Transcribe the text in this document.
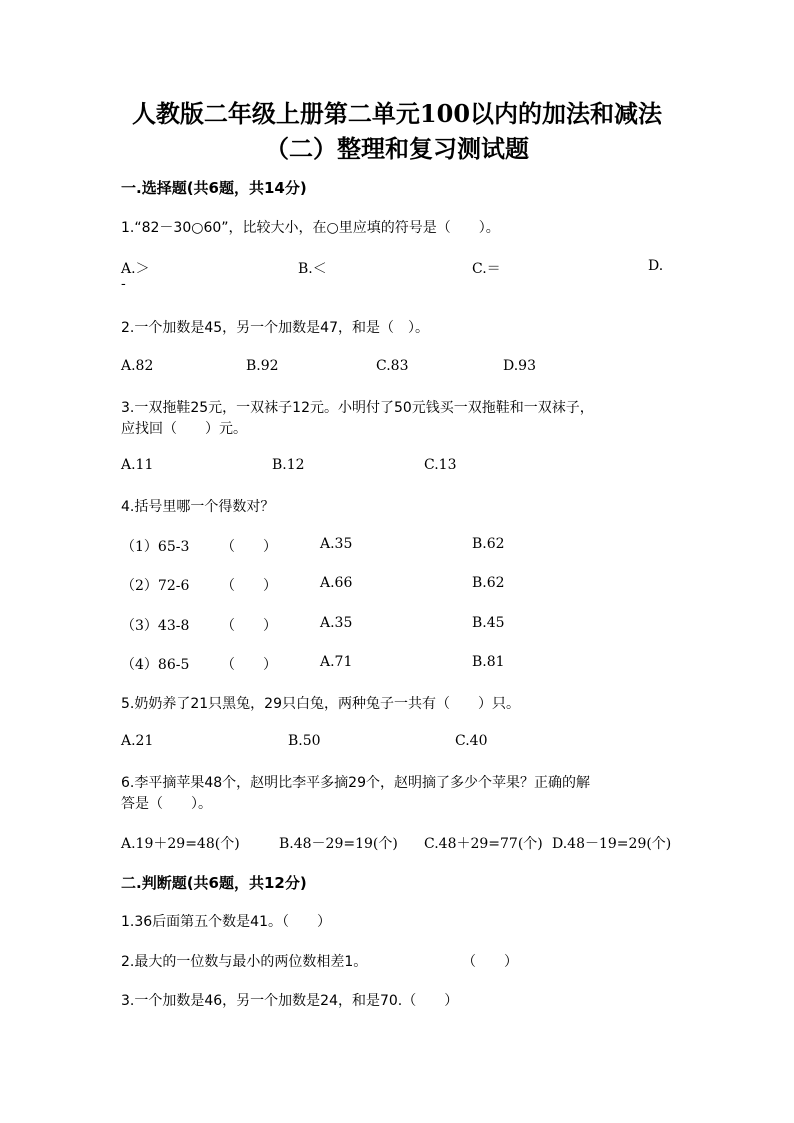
人教版二年级上册第二单元100以内的加法和减法
（二）整理和复习测试题
一.选择题(共6题，共14分)
1.“82－30○60”，比较大小，在○里应填的符号是（　　）。
A.＞	B.＜	C.＝	D.
-
2.一个加数是45，另一个加数是47，和是（　）。
A.82	B.92	C.83	D.93
3.一双拖鞋25元，一双袜子12元。小明付了50元钱买一双拖鞋和一双袜子，
应找回（　　）元。
A.11	B.12	C.13
4.括号里哪一个得数对？
（1）65-3 （　　）	A.35	B.62
（2）72-6 （　　）	A.66	B.62
（3）43-8 （　　）	A.35	B.45
（4）86-5 （　　）	A.71	B.81
5.奶奶养了21只黑兔，29只白兔，两种兔子一共有（　　）只。
A.21	B.50	C.40
6.李平摘苹果48个，赵明比李平多摘29个，赵明摘了多少个苹果？正确的解
答是（　　）。
A.19＋29=48(个)	B.48－29=19(个) C.48＋29=77(个) D.48－19=29(个)
二.判断题(共6题，共12分)
1.36后面第五个数是41。（　　）
2.最大的一位数与最小的两位数相差1。	（　　）
3.一个加数是46，另一个加数是24，和是70.（　　）
